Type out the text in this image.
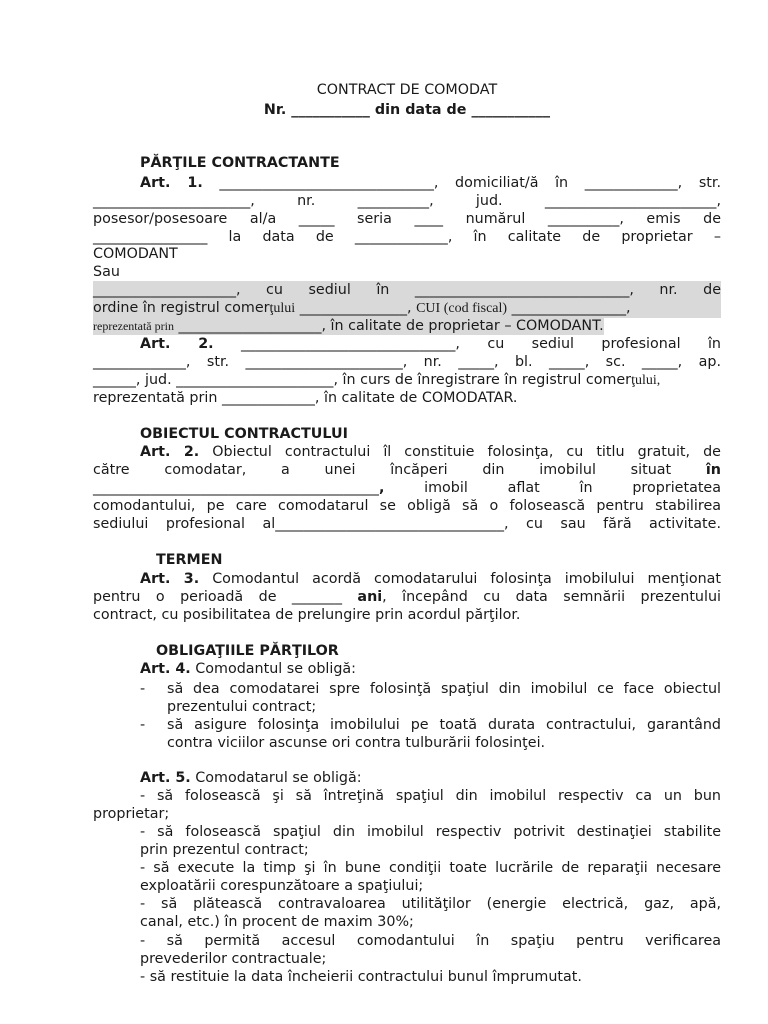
CONTRACT DE COMODAT
Nr. ___________ din data de ___________
PĂRŢILE CONTRACTANTE
Art. 1. ______________________________, domiciliat/ă în _____________, str.
______________________, nr. __________, jud. ________________________,
posesor/posesoare al/a _____ seria ____ numărul __________, emis de
________________ la data de _____________, în calitate de proprietar –
COMODANT
Sau
____________________, cu sediul în ______________________________, nr. de
ordine în registrul comerţului _______________, CUI (cod fiscal) ________________,
reprezentată prin ____________________, în calitate de proprietar – COMODANT.
Art. 2. ______________________________, cu sediul profesional în
_____________, str. ______________________, nr. _____, bl. _____, sc. _____, ap.
______, jud. ______________________, în curs de înregistrare în registrul comerţului,
reprezentată prin _____________, în calitate de COMODATAR.
OBIECTUL CONTRACTULUI
Art. 2. Obiectul contractului îl constituie folosinţa, cu titlu gratuit, de
către comodatar, a unei încăperi din imobilul situat în
________________________________________, imobil aflat în proprietatea
comodantului, pe care comodatarul se obligă să o folosească pentru stabilirea
sediului profesional al________________________________, cu sau fără activitate.
TERMEN
Art. 3. Comodantul acordă comodatarului folosinţa imobilului menţionat
pentru o perioadă de _______ ani, începând cu data semnării prezentului
contract, cu posibilitatea de prelungire prin acordul părţilor.
OBLIGAŢIILE PĂRŢILOR
Art. 4. Comodantul se obligă:
-	să dea comodatarei spre folosinţă spaţiul din imobilul ce face obiectul
prezentului contract;
-	să asigure folosinţa imobilului pe toată durata contractului, garantând
contra viciilor ascunse ori contra tulburării folosinţei.
Art. 5. Comodatarul se obligă:
- să folosească şi să întreţină spaţiul din imobilul respectiv ca un bun
proprietar;
- să folosească spaţiul din imobilul respectiv potrivit destinaţiei stabilite
prin prezentul contract;
- să execute la timp şi în bune condiţii toate lucrările de reparaţii necesare
exploatării corespunzătoare a spaţiului;
- să plătească contravaloarea utilităţilor (energie electrică, gaz, apă,
canal, etc.) în procent de maxim 30%;
- să permită accesul comodantului în spaţiu pentru verificarea
prevederilor contractuale;
- să restituie la data încheierii contractului bunul împrumutat.
